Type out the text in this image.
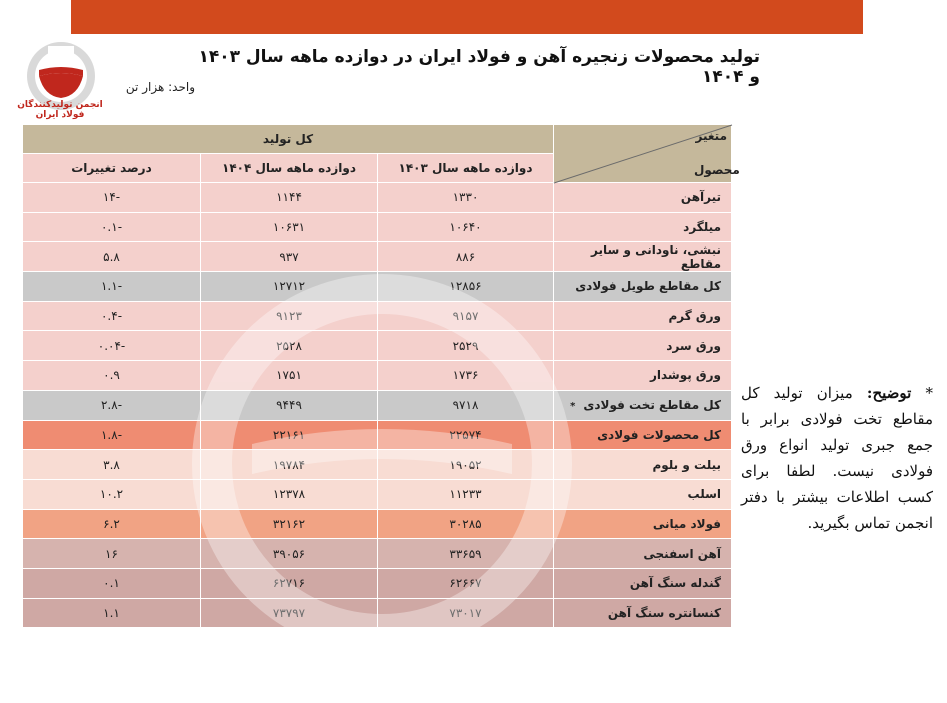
انجمن تولیدکنندگان فولاد ایران
تولید محصولات زنجیره آهن و فولاد ایران در دوازده ماهه سال ۱۴۰۳ و ۱۴۰۴
واحد: هزار تن
کل تولید			متغیر
محصول

درصد تغییرات	دوازده ماهه سال ۱۴۰۴	دوازده ماهه سال ۱۴۰۳	
-۱۴	۱۱۴۴	۱۳۳۰	تیرآهن
-۰.۱	۱۰۶۳۱	۱۰۶۴۰	میلگرد
۵.۸	۹۳۷	۸۸۶	نبشی، ناودانی و سایر مقاطع
-۱.۱	۱۲۷۱۲	۱۲۸۵۶	کل مقاطع طویل فولادی
-۰.۴	۹۱۲۳	۹۱۵۷	ورق گرم
-۰.۰۴	۲۵۲۸	۲۵۲۹	ورق سرد
۰.۹	۱۷۵۱	۱۷۳۶	ورق پوشدار
-۲.۸	۹۴۴۹	۹۷۱۸	کل مقاطع تخت فولادی*
-۱.۸	۲۲۱۶۱	۲۲۵۷۴	کل محصولات فولادی
۳.۸	۱۹۷۸۴	۱۹۰۵۲	بیلت و بلوم
۱۰.۲	۱۲۳۷۸	۱۱۲۳۳	اسلب
۶.۲	۳۲۱۶۲	۳۰۲۸۵	فولاد میانی
۱۶	۳۹۰۵۶	۳۳۶۵۹	آهن اسفنجی
۰.۱	۶۲۷۱۶	۶۲۶۶۷	گندله سنگ آهن
۱.۱	۷۳۷۹۷	۷۳۰۱۷	کنسانتره سنگ آهن
* توضیح: میزان تولید کل مقاطع تخت فولادی برابر با جمع جبری تولید انواع ورق فولادی نیست. لطفا برای کسب اطلاعات بیشتر با دفتر انجمن تماس بگیرید.
